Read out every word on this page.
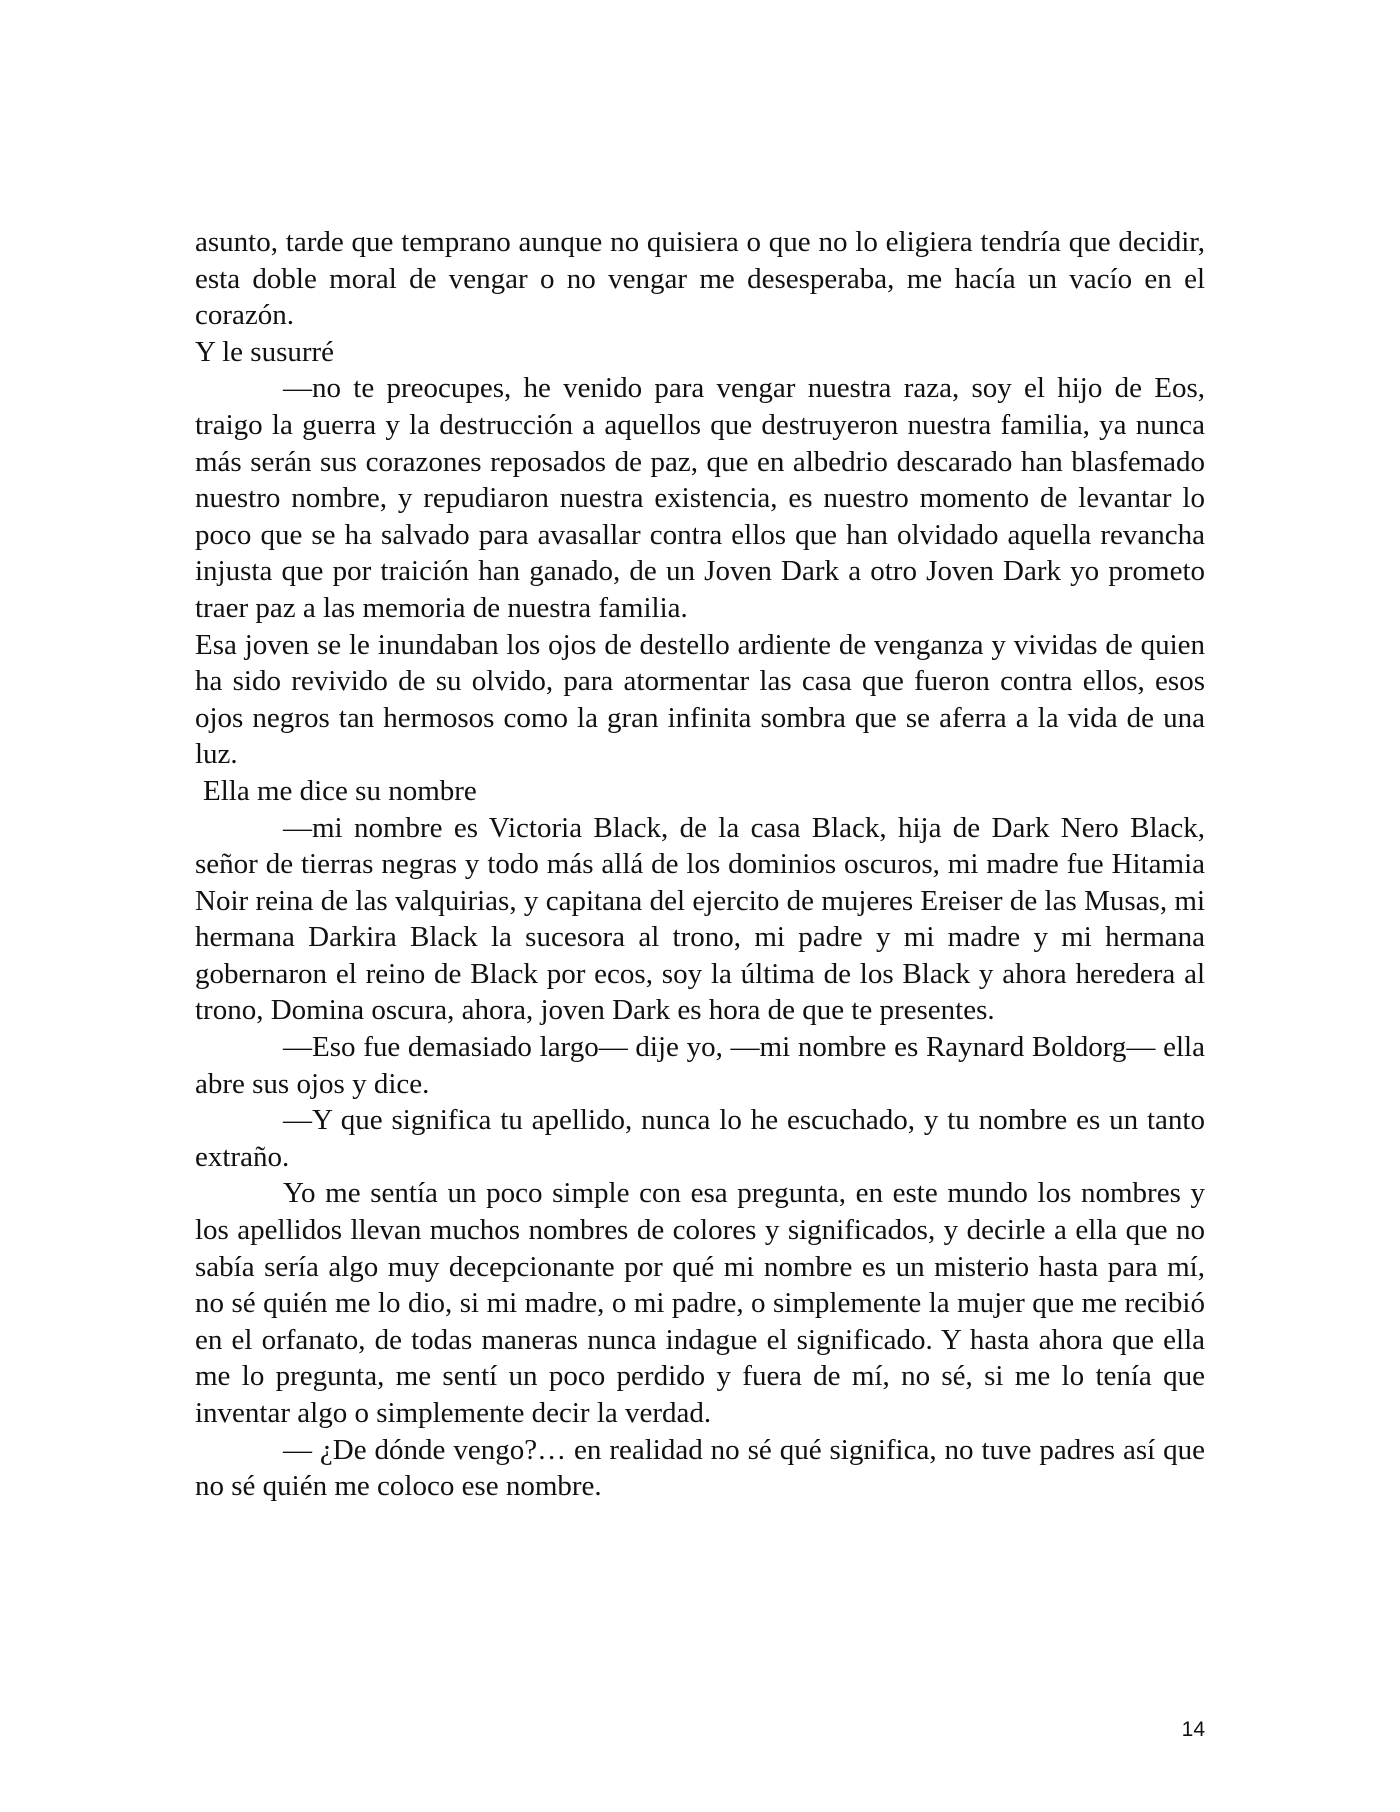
asunto, tarde que temprano aunque no quisiera o que no lo eligiera tendría que decidir, esta doble moral de vengar o no vengar me desesperaba, me hacía un vacío en el corazón.

Y le susurré

—no te preocupes, he venido para vengar nuestra raza, soy el hijo de Eos, traigo la guerra y la destrucción a aquellos que destruyeron nuestra familia, ya nunca más serán sus corazones reposados de paz, que en albedrio descarado han blasfemado nuestro nombre, y repudiaron nuestra existencia, es nuestro momento de levantar lo poco que se ha salvado para avasallar contra ellos que han olvidado aquella revancha injusta que por traición han ganado, de un Joven Dark a otro Joven Dark yo prometo traer paz a las memoria de nuestra familia.

Esa joven se le inundaban los ojos de destello ardiente de venganza y vividas de quien ha sido revivido de su olvido, para atormentar las casa que fueron contra ellos, esos ojos negros tan hermosos como la gran infinita sombra que se aferra a la vida de una luz.

Ella me dice su nombre

—mi nombre es Victoria Black, de la casa Black, hija de Dark Nero Black, señor de tierras negras y todo más allá de los dominios oscuros, mi madre fue Hitamia Noir reina de las valquirias, y capitana del ejercito de mujeres Ereiser de las Musas, mi hermana Darkira Black la sucesora al trono, mi padre y mi madre y mi hermana gobernaron el reino de Black por ecos, soy la última de los Black y ahora heredera al trono, Domina oscura, ahora, joven Dark es hora de que te presentes.

—Eso fue demasiado largo— dije yo, —mi nombre es Raynard Boldorg— ella abre sus ojos y dice.

—Y que significa tu apellido, nunca lo he escuchado, y tu nombre es un tanto extraño.

Yo me sentía un poco simple con esa pregunta, en este mundo los nombres y los apellidos llevan muchos nombres de colores y significados, y decirle a ella que no sabía sería algo muy decepcionante por qué mi nombre es un misterio hasta para mí, no sé quién me lo dio, si mi madre, o mi padre, o simplemente la mujer que me recibió en el orfanato, de todas maneras nunca indague el significado. Y hasta ahora que ella me lo pregunta, me sentí un poco perdido y fuera de mí, no sé, si me lo tenía que inventar algo o simplemente decir la verdad.

— ¿De dónde vengo?… en realidad no sé qué significa, no tuve padres así que no sé quién me coloco ese nombre.

14
